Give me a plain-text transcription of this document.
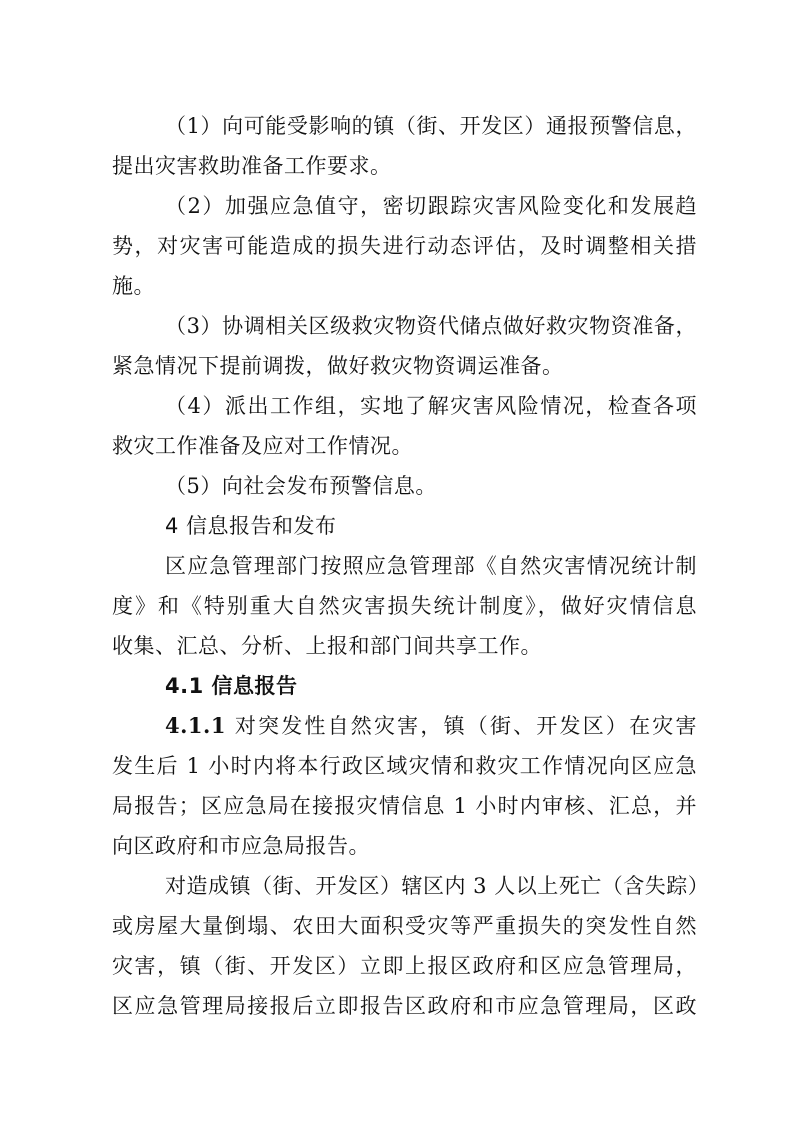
（1）向可能受影响的镇（街、开发区）通报预警信息，
提出灾害救助准备工作要求。
（2）加强应急值守，密切跟踪灾害风险变化和发展趋
势，对灾害可能造成的损失进行动态评估，及时调整相关措
施。
（3）协调相关区级救灾物资代储点做好救灾物资准备，
紧急情况下提前调拨，做好救灾物资调运准备。
（4）派出工作组，实地了解灾害风险情况，检查各项
救灾工作准备及应对工作情况。
（5）向社会发布预警信息。
4 信息报告和发布
区应急管理部门按照应急管理部《自然灾害情况统计制
度》和《特别重大自然灾害损失统计制度》，做好灾情信息
收集、汇总、分析、上报和部门间共享工作。
4.1 信息报告
4.1.1 对突发性自然灾害，镇（街、开发区）在灾害
发生后 1 小时内将本行政区域灾情和救灾工作情况向区应急
局报告；区应急局在接报灾情信息 1 小时内审核、汇总，并
向区政府和市应急局报告。
对造成镇（街、开发区）辖区内 3 人以上死亡（含失踪）
或房屋大量倒塌、农田大面积受灾等严重损失的突发性自然
灾害，镇（街、开发区）立即上报区政府和区应急管理局，
区应急管理局接报后立即报告区政府和市应急管理局，区政
